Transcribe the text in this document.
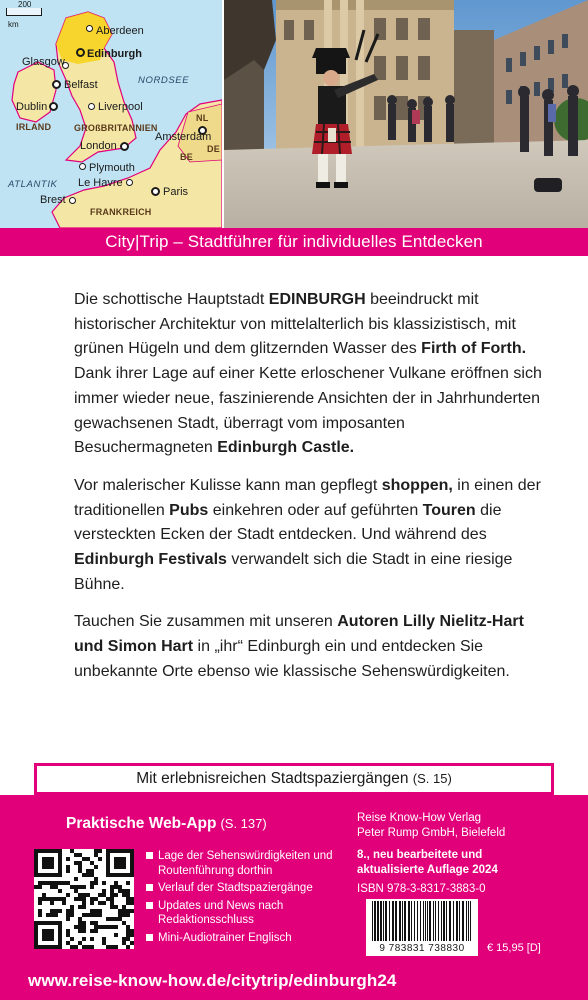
200
km
Aberdeen
Edinburgh
Glasgow
NORDSEE
Belfast
Dublin	Liverpool
IRLAND	GROßBRITANNIEN
NL
Amsterdam
London
BE
DE
Plymouth
ATLANTIK Le Havre
Paris
Brest
FRANKREICH
City|Trip – Stadtführer für individuelles Entdecken

Die schottische Hauptstadt EDINBURGH beeindruckt mit historischer Architektur von mittelalterlich bis klassizistisch, mit grünen Hügeln und dem glitzernden Wasser des Firth of Forth. Dank ihrer Lage auf einer Kette erloschener Vulkane eröffnen sich immer wieder neue, faszinierende Ansichten der in Jahrhunderten gewachsenen Stadt, überragt vom imposanten Besuchermagneten Edinburgh Castle.

Vor malerischer Kulisse kann man gepflegt shoppen, in einen der traditionellen Pubs einkehren oder auf geführten Touren die versteckten Ecken der Stadt entdecken. Und während des Edinburgh Festivals verwandelt sich die Stadt in eine riesige Bühne.

Tauchen Sie zusammen mit unseren Autoren Lilly Nielitz-Hart und Simon Hart in „ihr“ Edinburgh ein und entdecken Sie unbekannte Orte ebenso wie klassische Sehenswürdigkeiten.

Mit erlebnisreichen Stadtspaziergängen (S. 15)
Praktische Web-App (S. 137)
Lage der Sehenswürdigkeiten und Routenführung dorthin
Verlauf der Stadtspaziergänge
Updates und News nach Redaktionsschluss
Mini-Audiotrainer Englisch
Reise Know-How Verlag
Peter Rump GmbH, Bielefeld
8., neu bearbeitete und
aktualisierte Auflage 2024
ISBN 978-3-8317-3883-0
9 783831 738830	€ 15,95 [D]
www.reise-know-how.de/citytrip/edinburgh24
